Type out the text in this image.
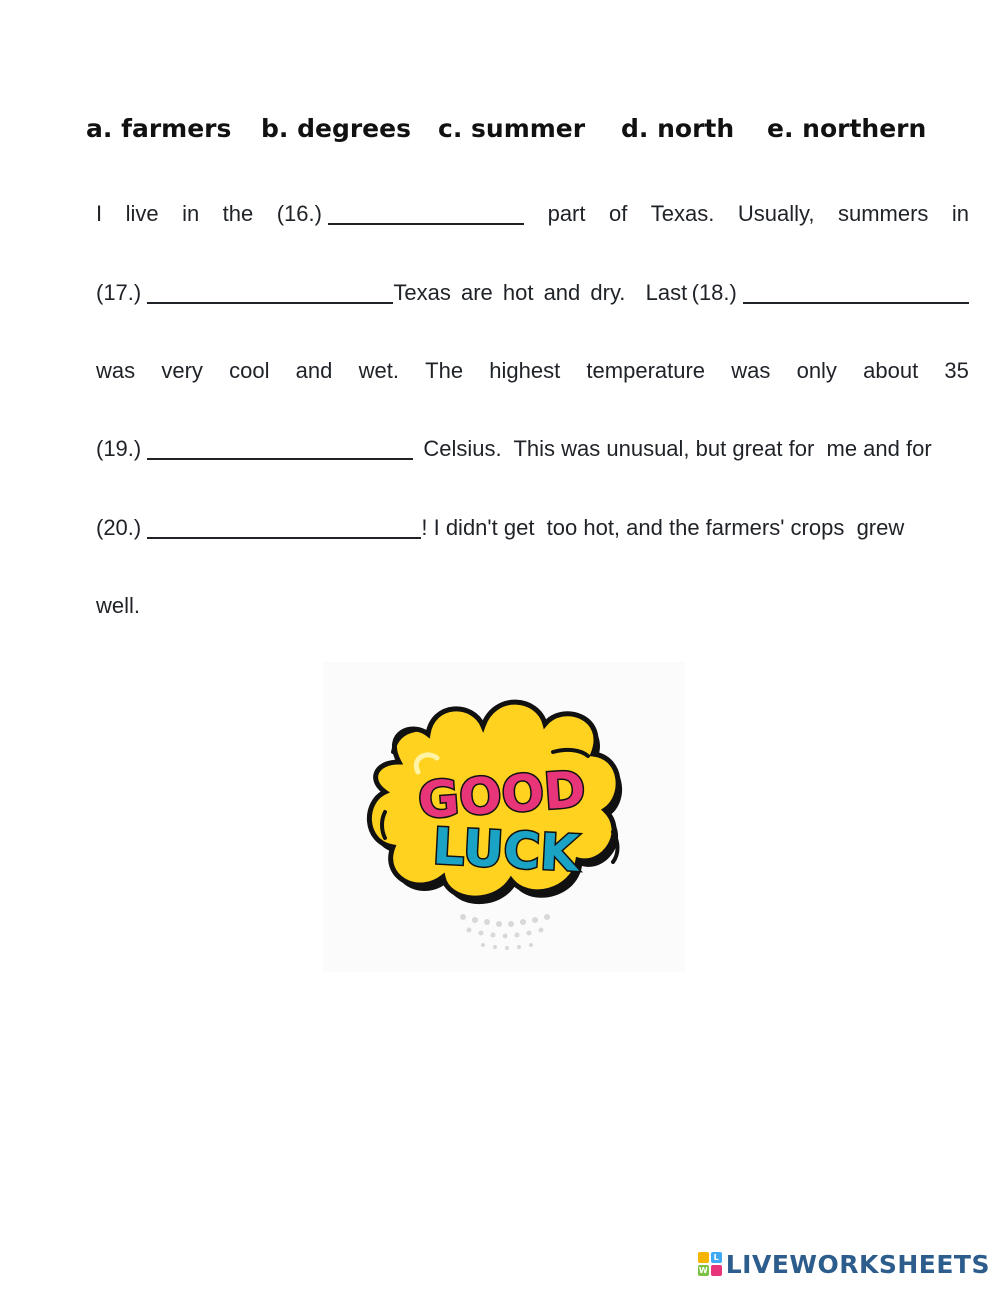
a. farmers b. degrees c. summer d. north e. northern
I live in the (16.)	part of Texas. Usually, summers in
(17.)	Texas are hot and dry.  Last (18.)
was very cool and wet. The highest temperature was only about 35
(19.)	Celsius.  This was unusual, but great for  me and for
(20.)	! I didn't get  too hot, and the farmers' crops  grew
well.
GOOD
LUCK
L
W LIVEWORKSHEETS
